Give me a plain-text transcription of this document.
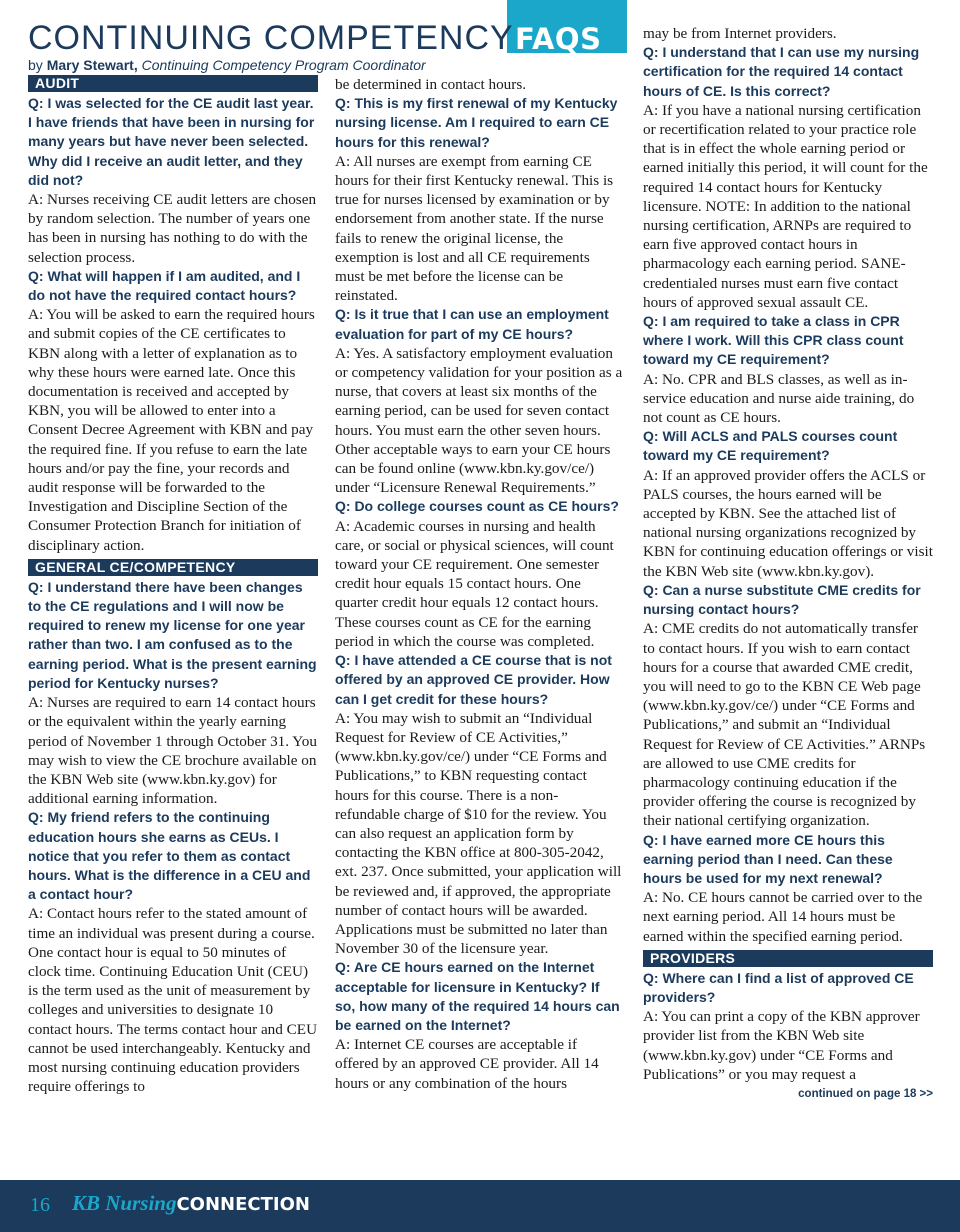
CONTINUING COMPETENCY FAQS
by Mary Stewart, Continuing Competency Program Coordinator
AUDIT

Q: I was selected for the CE audit last year. I have friends that have been in nursing for many years but have never been selected. Why did I receive an audit letter, and they did not?

A: Nurses receiving CE audit letters are chosen by random selection. The number of years one has been in nursing has nothing to do with the selection process.

Q: What will happen if I am audited, and I do not have the required contact hours?

A: You will be asked to earn the required hours and submit copies of the CE certificates to KBN along with a letter of explanation as to why these hours were earned late. Once this documentation is received and accepted by KBN, you will be allowed to enter into a Consent Decree Agreement with KBN and pay the required fine. If you refuse to earn the late hours and/or pay the fine, your records and audit response will be forwarded to the Investigation and Discipline Section of the Consumer Protection Branch for initiation of disciplinary action.

GENERAL CE/COMPETENCY

Q: I understand there have been changes to the CE regulations and I will now be required to renew my license for one year rather than two. I am confused as to the earning period. What is the present earning period for Kentucky nurses?

A: Nurses are required to earn 14 contact hours or the equivalent within the yearly earning period of November 1 through October 31. You may wish to view the CE brochure available on the KBN Web site (www.kbn.ky.gov) for additional earning information.

Q: My friend refers to the continuing education hours she earns as CEUs. I notice that you refer to them as contact hours. What is the difference in a CEU and a contact hour?

A: Contact hours refer to the stated amount of time an individual was present during a course. One contact hour is equal to 50 minutes of clock time. Continuing Education Unit (CEU) is the term used as the unit of measurement by colleges and universities to designate 10 contact hours. The terms contact hour and CEU cannot be used interchangeably. Kentucky and most nursing continuing education providers require offerings to

be determined in contact hours.

Q: This is my first renewal of my Kentucky nursing license. Am I required to earn CE hours for this renewal?

A: All nurses are exempt from earning CE hours for their first Kentucky renewal. This is true for nurses licensed by examination or by endorsement from another state. If the nurse fails to renew the original license, the exemption is lost and all CE requirements must be met before the license can be reinstated.

Q: Is it true that I can use an employment evaluation for part of my CE hours?

A: Yes. A satisfactory employment evaluation or competency validation for your position as a nurse, that covers at least six months of the earning period, can be used for seven contact hours. You must earn the other seven hours. Other acceptable ways to earn your CE hours can be found online (www.kbn.ky.gov/ce/) under “Licensure Renewal Requirements.”

Q: Do college courses count as CE hours?

A: Academic courses in nursing and health care, or social or physical sciences, will count toward your CE requirement. One semester credit hour equals 15 contact hours. One quarter credit hour equals 12 contact hours. These courses count as CE for the earning period in which the course was completed.

Q: I have attended a CE course that is not offered by an approved CE provider. How can I get credit for these hours?

A: You may wish to submit an “Individual Request for Review of CE Activities,” (www.kbn.ky.gov/ce/) under “CE Forms and Publications,” to KBN requesting contact hours for this course. There is a non-refundable charge of $10 for the review. You can also request an application form by contacting the KBN office at 800-305-2042, ext. 237. Once submitted, your application will be reviewed and, if approved, the appropriate number of contact hours will be awarded. Applications must be submitted no later than November 30 of the licensure year.

Q: Are CE hours earned on the Internet acceptable for licensure in Kentucky? If so, how many of the required 14 hours can be earned on the Internet?

A: Internet CE courses are acceptable if offered by an approved CE provider. All 14 hours or any combination of the hours

may be from Internet providers.

Q: I understand that I can use my nursing certification for the required 14 contact hours of CE. Is this correct?

A: If you have a national nursing certification or recertification related to your practice role that is in effect the whole earning period or earned initially this period, it will count for the required 14 contact hours for Kentucky licensure. NOTE: In addition to the national nursing certification, ARNPs are required to earn five approved contact hours in pharmacology each earning period. SANE-credentialed nurses must earn five contact hours of approved sexual assault CE.

Q: I am required to take a class in CPR where I work. Will this CPR class count toward my CE requirement?

A: No. CPR and BLS classes, as well as in-service education and nurse aide training, do not count as CE hours.

Q: Will ACLS and PALS courses count toward my CE requirement?

A: If an approved provider offers the ACLS or PALS courses, the hours earned will be accepted by KBN. See the attached list of national nursing organizations recognized by KBN for continuing education offerings or visit the KBN Web site (www.kbn.ky.gov).

Q: Can a nurse substitute CME credits for nursing contact hours?

A: CME credits do not automatically transfer to contact hours. If you wish to earn contact hours for a course that awarded CME credit, you will need to go to the KBN CE Web page (www.kbn.ky.gov/ce/) under “CE Forms and Publications,” and submit an “Individual Request for Review of CE Activities.” ARNPs are allowed to use CME credits for pharmacology continuing education if the provider offering the course is recognized by their national certifying organization.

Q: I have earned more CE hours this earning period than I need. Can these hours be used for my next renewal?

A: No. CE hours cannot be carried over to the next earning period. All 14 hours must be earned within the specified earning period.

PROVIDERS

Q: Where can I find a list of approved CE providers?

A: You can print a copy of the KBN approver provider list from the KBN Web site (www.kbn.ky.gov) under “CE Forms and Publications” or you may request a

continued on page 18 >>

16 KB NursingCONNECTION
